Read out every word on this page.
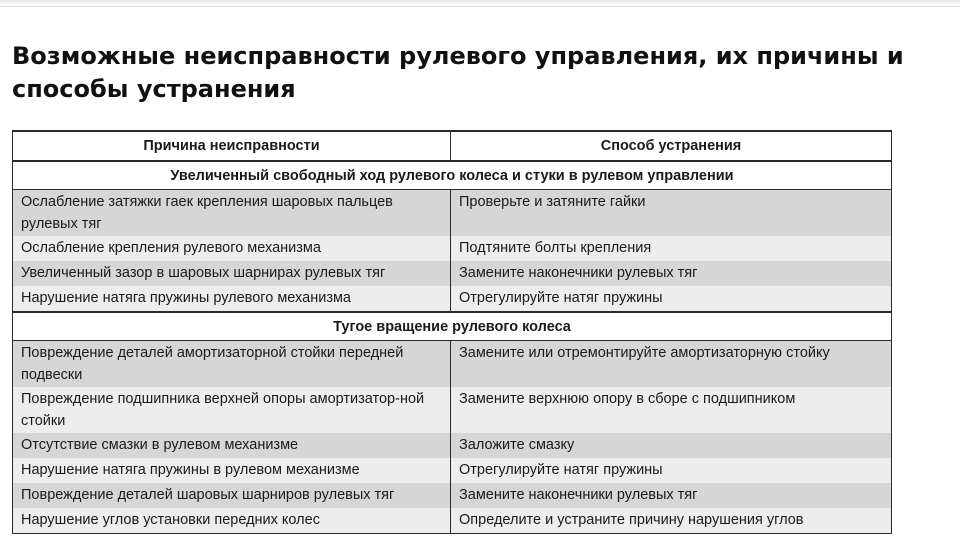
Возможные неисправности рулевого управления, их причины и способы устранения
Причина неисправности	Способ устранения
Увеличенный свободный ход рулевого колеса и стуки в рулевом управлении	
Ослабление затяжки гаек крепления шаровых пальцев рулевых тяг	Проверьте и затяните гайки
Ослабление крепления рулевого механизма	Подтяните болты крепления
Увеличенный зазор в шаровых шарнирах рулевых тяг	Замените наконечники рулевых тяг
Нарушение натяга пружины рулевого механизма	Отрегулируйте натяг пружины
Тугое вращение рулевого колеса	
Повреждение деталей амортизаторной стойки передней подвески	Замените или отремонтируйте амортизаторную стойку
Повреждение подшипника верхней опоры амортизатор-ной стойки	Замените верхнюю опору в сборе с подшипником
Отсутствие смазки в рулевом механизме	Заложите смазку
Нарушение натяга пружины в рулевом механизме	Отрегулируйте натяг пружины
Повреждение деталей шаровых шарниров рулевых тяг	Замените наконечники рулевых тяг
Нарушение углов установки передних колес	Определите и устраните причину нарушения углов
